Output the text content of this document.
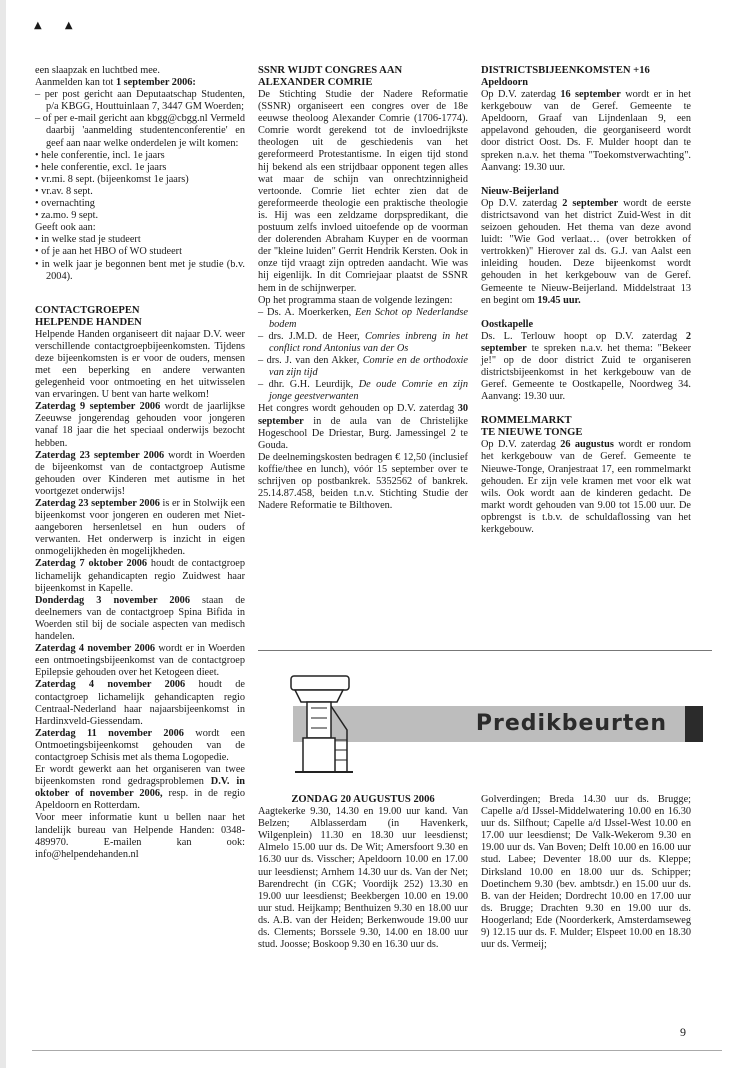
▲ ▲

een slaapzak en luchtbed mee.

Aanmelden kan tot 1 september 2006:

– per post gericht aan Deputaatschap Studenten, p/a KBGG, Houttuinlaan 7, 3447 GM Woerden;
– of per e-mail gericht aan kbgg@cbgg.nl Vermeld daarbij 'aanmelding studentenconferentie' en geef aan naar welke onderdelen je wilt komen:
• hele conferentie, incl. 1e jaars
• hele conferentie, excl. 1e jaars
• vr.mi. 8 sept. (bijeenkomst 1e jaars)
• vr.av. 8 sept.
• overnachting
• za.mo. 9 sept.

Geeft ook aan:

• in welke stad je studeert
• of je aan het HBO of WO studeert
• in welk jaar je begonnen bent met je studie (b.v. 2004).

CONTACTGROEPEN

HELPENDE HANDEN

Helpende Handen organiseert dit najaar D.V. weer verschillende contactgroepbijeenkomsten. Tijdens deze bijeenkomsten is er voor de ouders, mensen met een beperking en andere verwanten gelegenheid voor ontmoeting en het uitwisselen van ervaringen. U bent van harte welkom!

Zaterdag 9 september 2006 wordt de jaarlijkse Zeeuwse jongerendag gehouden voor jongeren vanaf 18 jaar die het speciaal onderwijs bezocht hebben.

Zaterdag 23 september 2006 wordt in Woerden de bijeenkomst van de contactgroep Autisme gehouden over Kinderen met autisme in het voortgezet onderwijs!

Zaterdag 23 september 2006 is er in Stolwijk een bijeenkomst voor jongeren en ouderen met Niet-aangeboren hersenletsel en hun ouders of verwanten. Het onderwerp is inzicht in eigen onmogelijkheden èn mogelijkheden.

Zaterdag 7 oktober 2006 houdt de contactgroep lichamelijk gehandicapten regio Zuidwest haar bijeenkomst in Kapelle.

Donderdag 3 november 2006 staan de deelnemers van de contactgroep Spina Bifida in Woerden stil bij de sociale aspecten van medisch handelen.

Zaterdag 4 november 2006 wordt er in Woerden een ontmoetingsbijeenkomst van de contactgroep Epilepsie gehouden over het Ketogeen dieet.

Zaterdag 4 november 2006 houdt de contactgroep lichamelijk gehandicapten regio Centraal-Nederland haar najaarsbijeenkomst in Hardinxveld-Giessendam.

Zaterdag 11 november 2006 wordt een Ontmoetingsbijeenkomst gehouden van de contactgroep Schisis met als thema Logopedie.

Er wordt gewerkt aan het organiseren van twee bijeenkomsten rond gedragsproblemen D.V. in oktober of november 2006, resp. in de regio Apeldoorn en Rotterdam.

Voor meer informatie kunt u bellen naar het landelijk bureau van Helpende Handen: 0348-489970. E-mailen kan ook: info@helpendehanden.nl

SSNR WIJDT CONGRES AAN

ALEXANDER COMRIE

De Stichting Studie der Nadere Reformatie (SSNR) organiseert een congres over de 18e eeuwse theoloog Alexander Comrie (1706-1774). Comrie wordt gerekend tot de invloedrijkste theologen uit de geschiedenis van het gereformeerd Protestantisme. In eigen tijd stond hij bekend als een strijdbaar opponent tegen alles wat maar de schijn van onrechtzinnigheid vertoonde. Comrie liet echter zien dat de gereformeerde theologie een praktische theologie is. Hij was een zeldzame dorpspredikant, die postuum zelfs invloed uitoefende op de voorman der dolerenden Abraham Kuyper en de voorman der "kleine luiden" Gerrit Hendrik Kersten. Ook in onze tijd vraagt zijn optreden aandacht. Wie was hij eigenlijk. In dit Comriejaar plaatst de SSNR hem in de schijnwerper.

Op het programma staan de volgende lezingen:

– Ds. A. Moerkerken, Een Schot op Nederlandse bodem
– drs. J.M.D. de Heer, Comries inbreng in het conflict rond Antonius van der Os
– drs. J. van den Akker, Comrie en de orthodoxie van zijn tijd
– dhr. G.H. Leurdijk, De oude Comrie en zijn jonge geestverwanten

Het congres wordt gehouden op D.V. zaterdag 30 september in de aula van de Christelijke Hogeschool De Driestar, Burg. Jamessingel 2 te Gouda.

De deelnemingskosten bedragen € 12,50 (inclusief koffie/thee en lunch), vóór 15 september over te schrijven op postbankrek. 5352562 of bankrek. 25.14.87.458, beiden t.n.v. Stichting Studie der Nadere Reformatie te Bilthoven.

DISTRICTSBIJEENKOMSTEN +16

Apeldoorn

Op D.V. zaterdag 16 september wordt er in het kerkgebouw van de Geref. Gemeente te Apeldoorn, Graaf van Lijndenlaan 9, een appelavond gehouden, die georganiseerd wordt door district Oost. Ds. F. Mulder hoopt dan te spreken n.a.v. het thema "Toekomstverwachting". Aanvang: 19.30 uur.

Nieuw-Beijerland

Op D.V. zaterdag 2 september wordt de eerste districtsavond van het district Zuid-West in dit seizoen gehouden. Het thema van deze avond luidt: "Wie God verlaat… (over betrokken of vertrokken)" Hierover zal ds. G.J. van Aalst een inleiding houden. Deze bijeenkomst wordt gehouden in het kerkgebouw van de Geref. Gemeente te Nieuw-Beijerland. Middelstraat 13 en begint om 19.45 uur.

Oostkapelle

Ds. L. Terlouw hoopt op D.V. zaterdag 2 september te spreken n.a.v. het thema: "Bekeer je!" op de door district Zuid te organiseren districtsbijeenkomst in het kerkgebouw van de Geref. Gemeente te Oostkapelle, Noordweg 34. Aanvang: 19.30 uur.

ROMMELMARKT

TE NIEUWE TONGE

Op D.V. zaterdag 26 augustus wordt er rondom het kerkgebouw van de Geref. Gemeente te Nieuwe-Tonge, Oranjestraat 17, een rommelmarkt gehouden. Er zijn vele kramen met voor elk wat wils. Ook wordt aan de kinderen gedacht. De markt wordt gehouden van 9.00 tot 15.00 uur. De opbrengst is t.b.v. de schuldaflossing van het kerkgebouw.

Predikbeurten

ZONDAG 20 AUGUSTUS 2006

Aagtekerke 9.30, 14.30 en 19.00 uur kand. Van Belzen; Alblasserdam (in Havenkerk, Wilgenplein) 11.30 en 18.30 uur leesdienst; Almelo 15.00 uur ds. De Wit; Amersfoort 9.30 en 16.30 uur ds. Visscher; Apeldoorn 10.00 en 17.00 uur leesdienst; Arnhem 14.30 uur ds. Van der Net; Barendrecht (in CGK; Voordijk 252) 13.30 en 19.00 uur leesdienst; Beekbergen 10.00 en 19.00 uur stud. Heijkamp; Benthuizen 9.30 en 18.00 uur ds. A.B. van der Heiden; Berkenwoude 19.00 uur ds. Clements; Borssele 9.30, 14.00 en 18.00 uur stud. Joosse; Boskoop 9.30 en 16.30 uur ds.

Golverdingen; Breda 14.30 uur ds. Brugge; Capelle a/d IJssel-Middelwatering 10.00 en 16.30 uur ds. Silfhout; Capelle a/d IJssel-West 10.00 en 17.00 uur leesdienst; De Valk-Wekerom 9.30 en 19.00 uur ds. Van Boven; Delft 10.00 en 16.00 uur stud. Labee; Deventer 18.00 uur ds. Kleppe; Dirksland 10.00 en 18.00 uur ds. Schipper; Doetinchem 9.30 (bev. ambtsdr.) en 15.00 uur ds. B. van der Heiden; Dordrecht 10.00 en 17.00 uur ds. Brugge; Drachten 9.30 en 19.00 uur ds. Hoogerland; Ede (Noorderkerk, Amsterdamseweg 9) 12.15 uur ds. F. Mulder; Elspeet 10.00 en 18.30 uur ds. Vermeij;

9
